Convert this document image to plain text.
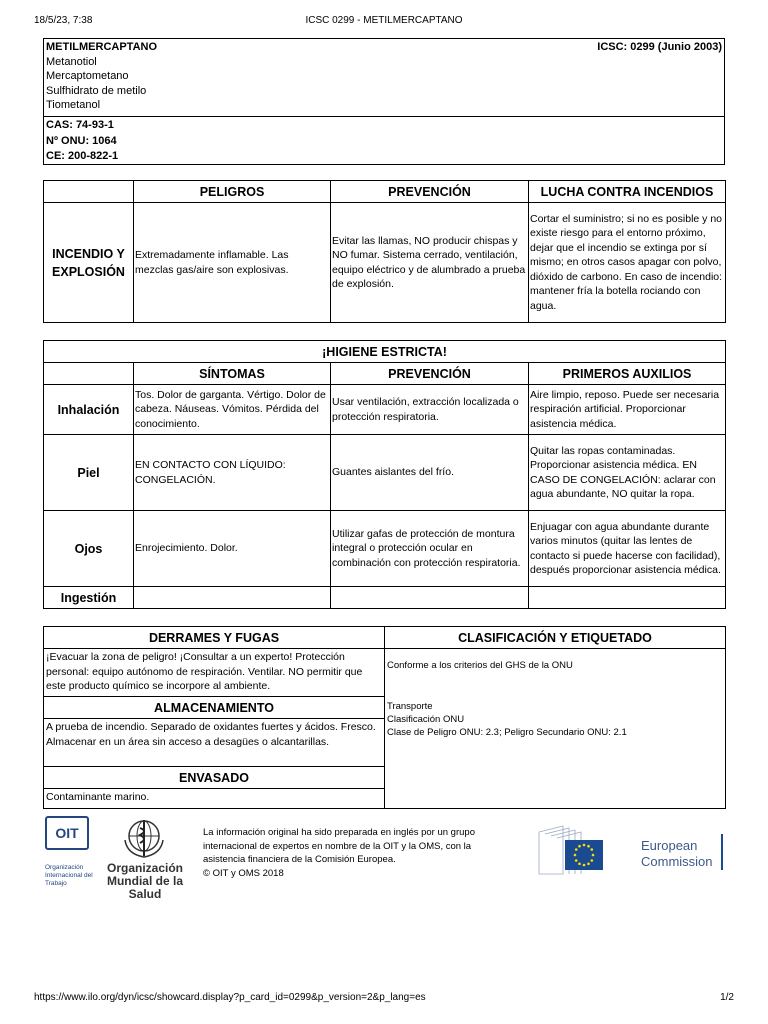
18/5/23, 7:38	ICSC 0299 - METILMERCAPTANO
METILMERCAPTANO	ICSC: 0299 (Junio 2003)
Metanotiol
Mercaptometano
Sulfhidrato de metilo
Tiometanol
CAS: 74-93-1
Nº ONU: 1064
CE: 200-822-1
	PELIGROS	PREVENCIÓN	LUCHA CONTRA INCENDIOS
INCENDIO Y EXPLOSIÓN	Extremadamente inflamable. Las mezclas gas/aire son explosivas.	Evitar las llamas, NO producir chispas y NO fumar. Sistema cerrado, ventilación, equipo eléctrico y de alumbrado a prueba de explosión.	Cortar el suministro; si no es posible y no existe riesgo para el entorno próximo, dejar que el incendio se extinga por sí mismo; en otros casos apagar con polvo, dióxido de carbono. En caso de incendio: mantener fría la botella rociando con agua.
¡HIGIENE ESTRICTA!			
	SÍNTOMAS	PREVENCIÓN	PRIMEROS AUXILIOS
Inhalación	Tos. Dolor de garganta. Vértigo. Dolor de cabeza. Náuseas. Vómitos. Pérdida del conocimiento.	Usar ventilación, extracción localizada o protección respiratoria.	Aire limpio, reposo. Puede ser necesaria respiración artificial. Proporcionar asistencia médica.
Piel	EN CONTACTO CON LÍQUIDO: CONGELACIÓN.	Guantes aislantes del frío.	Quitar las ropas contaminadas. Proporcionar asistencia médica. EN CASO DE CONGELACIÓN: aclarar con agua abundante, NO quitar la ropa.
Ojos	Enrojecimiento. Dolor.	Utilizar gafas de protección de montura integral o protección ocular en combinación con protección respiratoria.	Enjuagar con agua abundante durante varios minutos (quitar las lentes de contacto si puede hacerse con facilidad), después proporcionar asistencia médica.
Ingestión			
DERRAMES Y FUGAS	CLASIFICACIÓN Y ETIQUETADO
¡Evacuar la zona de peligro! ¡Consultar a un experto! Protección personal: equipo autónomo de respiración. Ventilar. NO permitir que este producto químico se incorpore al ambiente.	Conforme a los criterios del GHS de la ONU
Transporte
Clasificación ONU
Clase de Peligro ONU: 2.3; Peligro Secundario ONU: 2.1

ALMACENAMIENTO	
A prueba de incendio. Separado de oxidantes fuertes y ácidos. Fresco. Almacenar en un área sin acceso a desagües o alcantarillas.	
ENVASADO	
Contaminante marino.	
OIT
Organización Internacional del Trabajo
Organización
Mundial de la Salud
La información original ha sido preparada en inglés por un grupo internacional de expertos en nombre de la OIT y la OMS, con la asistencia financiera de la Comisión Europea.
© OIT y OMS 2018
European
Commission
https://www.ilo.org/dyn/icsc/showcard.display?p_card_id=0299&p_version=2&p_lang=es	1/2
